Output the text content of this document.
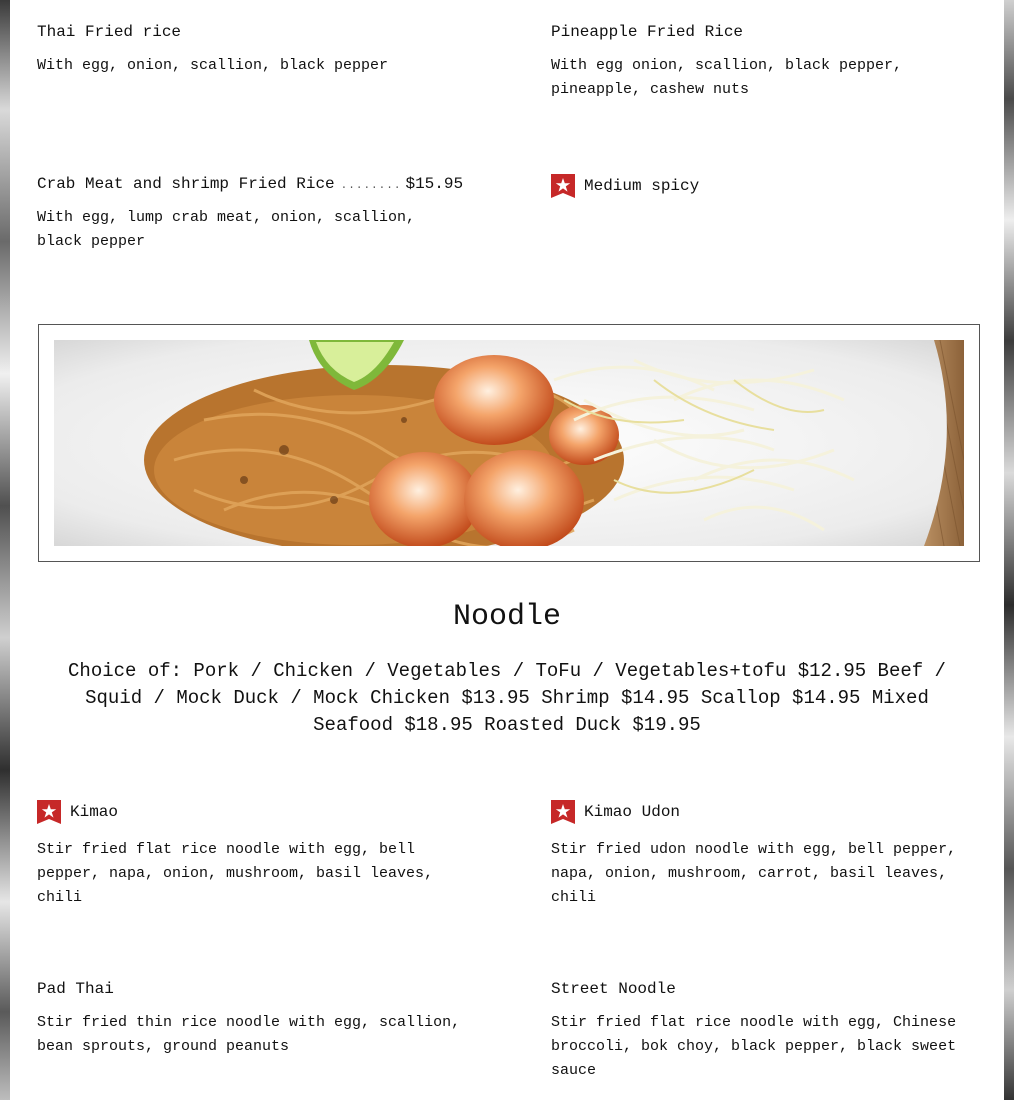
Thai Fried rice
With egg, onion, scallion, black pepper
Pineapple Fried Rice
With egg onion, scallion, black pepper, pineapple, cashew nuts
Crab Meat and shrimp Fried Rice ........ $15.95
With egg, lump crab meat, onion, scallion, black pepper
Medium spicy
Noodle
Choice of: Pork / Chicken / Vegetables / ToFu / Vegetables+tofu $12.95 Beef / Squid / Mock Duck / Mock Chicken $13.95 Shrimp $14.95 Scallop $14.95 Mixed Seafood $18.95 Roasted Duck $19.95
Kimao
Stir fried flat rice noodle with egg, bell pepper, napa, onion, mushroom, basil leaves, chili
Kimao Udon
Stir fried udon noodle with egg, bell pepper, napa, onion, mushroom, carrot, basil leaves, chili
Pad Thai
Stir fried thin rice noodle with egg, scallion, bean sprouts, ground peanuts
Street Noodle
Stir fried flat rice noodle with egg, Chinese broccoli, bok choy, black pepper, black sweet sauce
